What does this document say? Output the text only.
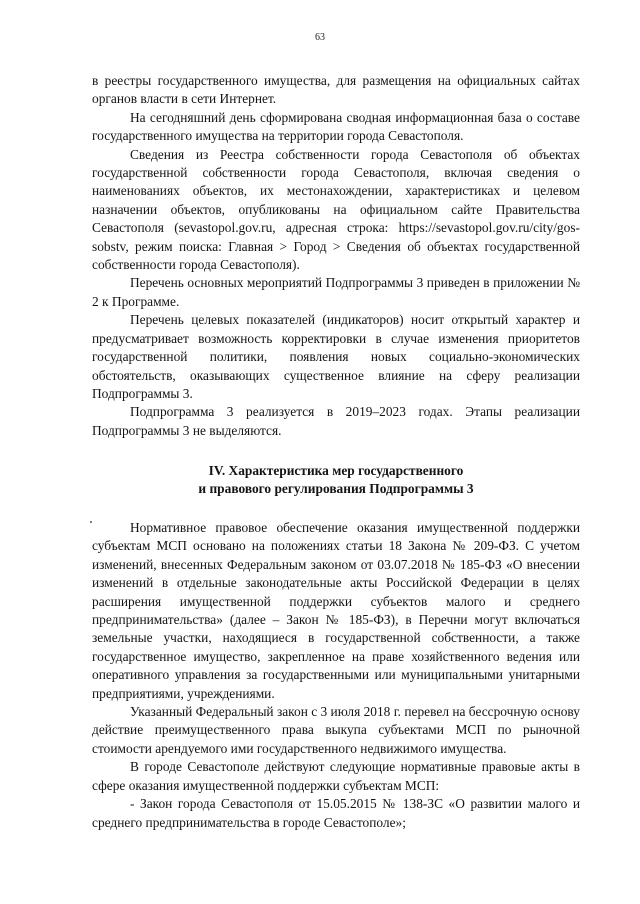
63

в реестры государственного имущества, для размещения на официальных сайтах органов власти в сети Интернет.

На сегодняшний день сформирована сводная информационная база о составе государственного имущества на территории города Севастополя.

Сведения из Реестра собственности города Севастополя об объектах государственной собственности города Севастополя, включая сведения о наименованиях объектов, их местонахождении, характеристиках и целевом назначении объектов, опубликованы на официальном сайте Правительства Севастополя (sevastopol.gov.ru, адресная строка: https://sevastopol.gov.ru/city/gos-sobstv, режим поиска: Главная > Город > Сведения об объектах государственной собственности города Севастополя).

Перечень основных мероприятий Подпрограммы 3 приведен в приложении № 2 к Программе.

Перечень целевых показателей (индикаторов) носит открытый характер и предусматривает возможность корректировки в случае изменения приоритетов государственной политики, появления новых социально-экономических обстоятельств, оказывающих существенное влияние на сферу реализации Подпрограммы 3.

Подпрограмма 3 реализуется в 2019–2023 годах. Этапы реализации Подпрограммы 3 не выделяются.

IV. Характеристика мер государственного
и правового регулирования Подпрограммы 3

Нормативное правовое обеспечение оказания имущественной поддержки субъектам МСП основано на положениях статьи 18 Закона № 209-ФЗ. С учетом изменений, внесенных Федеральным законом от 03.07.2018 № 185-ФЗ «О внесении изменений в отдельные законодательные акты Российской Федерации в целях расширения имущественной поддержки субъектов малого и среднего предпринимательства» (далее – Закон № 185-ФЗ), в Перечни могут включаться земельные участки, находящиеся в государственной собственности, а также государственное имущество, закрепленное на праве хозяйственного ведения или оперативного управления за государственными или муниципальными унитарными предприятиями, учреждениями.

Указанный Федеральный закон с 3 июля 2018 г. перевел на бессрочную основу действие преимущественного права выкупа субъектами МСП по рыночной стоимости арендуемого ими государственного недвижимого имущества.

В городе Севастополе действуют следующие нормативные правовые акты в сфере оказания имущественной поддержки субъектам МСП:

- Закон города Севастополя от 15.05.2015 № 138-ЗС «О развитии малого и среднего предпринимательства в городе Севастополе»;
